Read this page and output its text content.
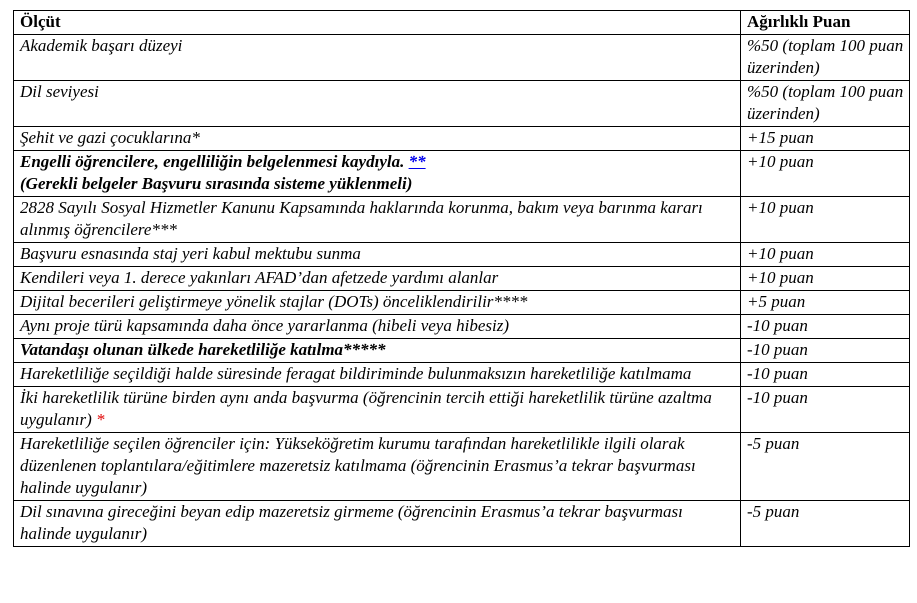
Ölçüt	Ağırlıklı Puan
Akademik başarı düzeyi	%50 (toplam 100 puan üzerinden)
Dil seviyesi	%50 (toplam 100 puan üzerinden)
Şehit ve gazi çocuklarına*	+15 puan
Engelli öğrencilere, engelliliğin belgelenmesi kaydıyla. **
(Gerekli belgeler Başvuru sırasında sisteme yüklenmeli)	+10 puan
2828 Sayılı Sosyal Hizmetler Kanunu Kapsamında haklarında korunma, bakım veya barınma kararı alınmış öğrencilere***	+10 puan
Başvuru esnasında staj yeri kabul mektubu sunma	+10 puan
Kendileri veya 1. derece yakınları AFAD’dan afetzede yardımı alanlar	+10 puan
Dijital becerileri geliştirmeye yönelik stajlar (DOTs) önceliklendirilir****	+5 puan
Aynı proje türü kapsamında daha önce yararlanma (hibeli veya hibesiz)	-10 puan
Vatandaşı olunan ülkede hareketliliğe katılma*****	-10 puan
Hareketliliğe seçildiği halde süresinde feragat bildiriminde bulunmaksızın hareketliliğe katılmama	-10 puan
İki hareketlilik türüne birden aynı anda başvurma (öğrencinin tercih ettiği hareketlilik türüne azaltma uygulanır) *	-10 puan
Hareketliliğe seçilen öğrenciler için: Yükseköğretim kurumu tarafından hareketlilikle ilgili olarak düzenlenen toplantılara/eğitimlere mazeretsiz katılmama (öğrencinin Erasmus’a tekrar başvurması halinde uygulanır)	-5 puan
Dil sınavına gireceğini beyan edip mazeretsiz girmeme (öğrencinin Erasmus’a tekrar başvurması halinde uygulanır)	-5 puan
